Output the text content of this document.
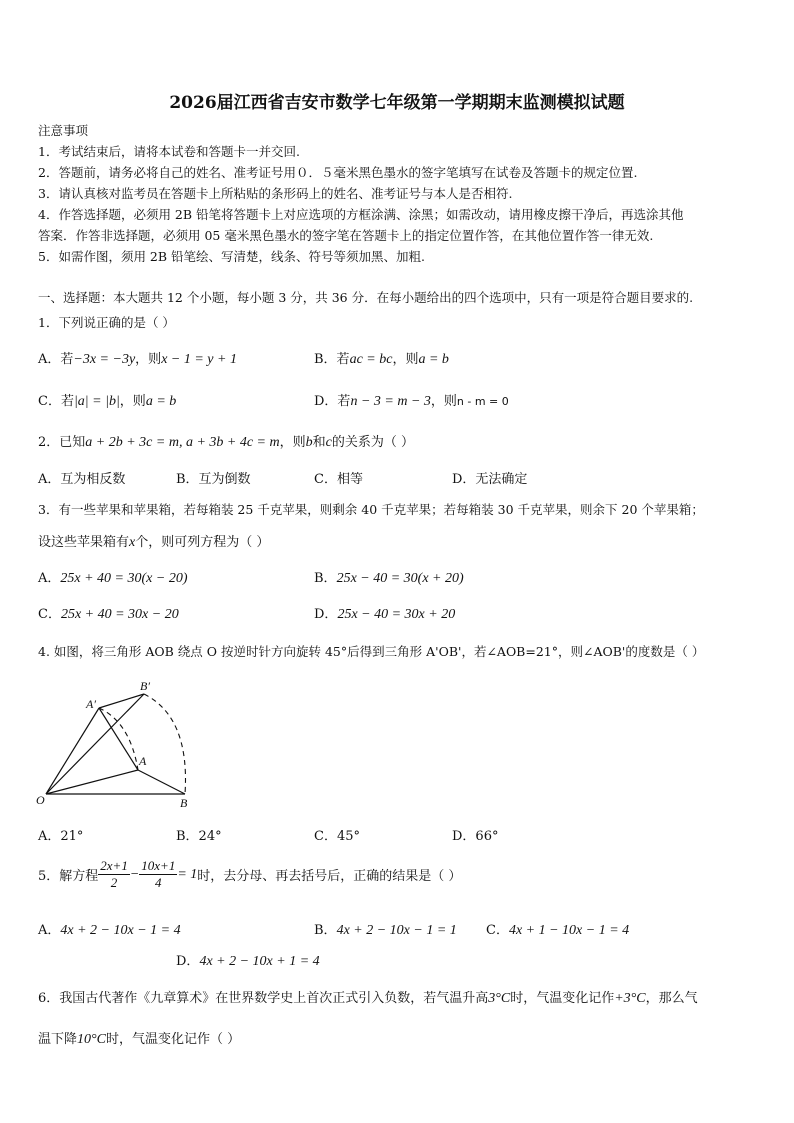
2026届江西省吉安市数学七年级第一学期期末监测模拟试题
注意事项
1．考试结束后，请将本试卷和答题卡一并交回.
2．答题前，请务必将自己的姓名、准考证号用０．５毫米黑色墨水的签字笔填写在试卷及答题卡的规定位置.
3．请认真核对监考员在答题卡上所粘贴的条形码上的姓名、准考证号与本人是否相符.
4．作答选择题，必须用 2B 铅笔将答题卡上对应选项的方框涂满、涂黑；如需改动，请用橡皮擦干净后，再选涂其他
答案．作答非选择题，必须用 05 毫米黑色墨水的签字笔在答题卡上的指定位置作答，在其他位置作答一律无效.
5．如需作图，须用 2B 铅笔绘、写清楚，线条、符号等须加黑、加粗.
一、选择题：本大题共 12 个小题，每小题 3 分，共 36 分．在每小题给出的四个选项中，只有一项是符合题目要求的.
1．下列说正确的是（ ）
A．若−3x = −3y，则x − 1 = y + 1	B．若ac = bc，则a = b
C．若|a| = |b|，则a = b	D．若n − 3 = m − 3，则n - m = 0
2．已知a + 2b + 3c = m, a + 3b + 4c = m，则b和c的关系为（ ）
A．互为相反数	B．互为倒数	C．相等	D．无法确定
3．有一些苹果和苹果箱，若每箱装 25 千克苹果，则剩余 40 千克苹果；若每箱装 30 千克苹果，则余下 20 个苹果箱；
设这些苹果箱有x个，则可列方程为（ ）
A．25x + 40 = 30(x − 20)	B．25x − 40 = 30(x + 20)
C．25x + 40 = 30x − 20	D．25x − 40 = 30x + 20
4. 如图，将三角形 AOB 绕点 O 按逆时针方向旋转 45°后得到三角形 A'OB'，若∠AOB=21°，则∠AOB'的度数是（ ）
O	B
A
A′
B′
A．21°	B．24°	C．45°	D．66°
5．解方程 $\frac{2x+1}{2} - \frac{10x+1}{4} = 1$ 时，去分母、再去括号后，正确的结果是（ ）
A．4x + 2 − 10x − 1 = 4	B．4x + 2 − 10x − 1 = 1 C．4x + 1 − 10x − 1 = 4
D．4x + 2 − 10x + 1 = 4
6．我国古代著作《九章算术》在世界数学史上首次正式引入负数，若气温升高3°C时，气温变化记作+3°C，那么气
温下降10°C时，气温变化记作（ ）
